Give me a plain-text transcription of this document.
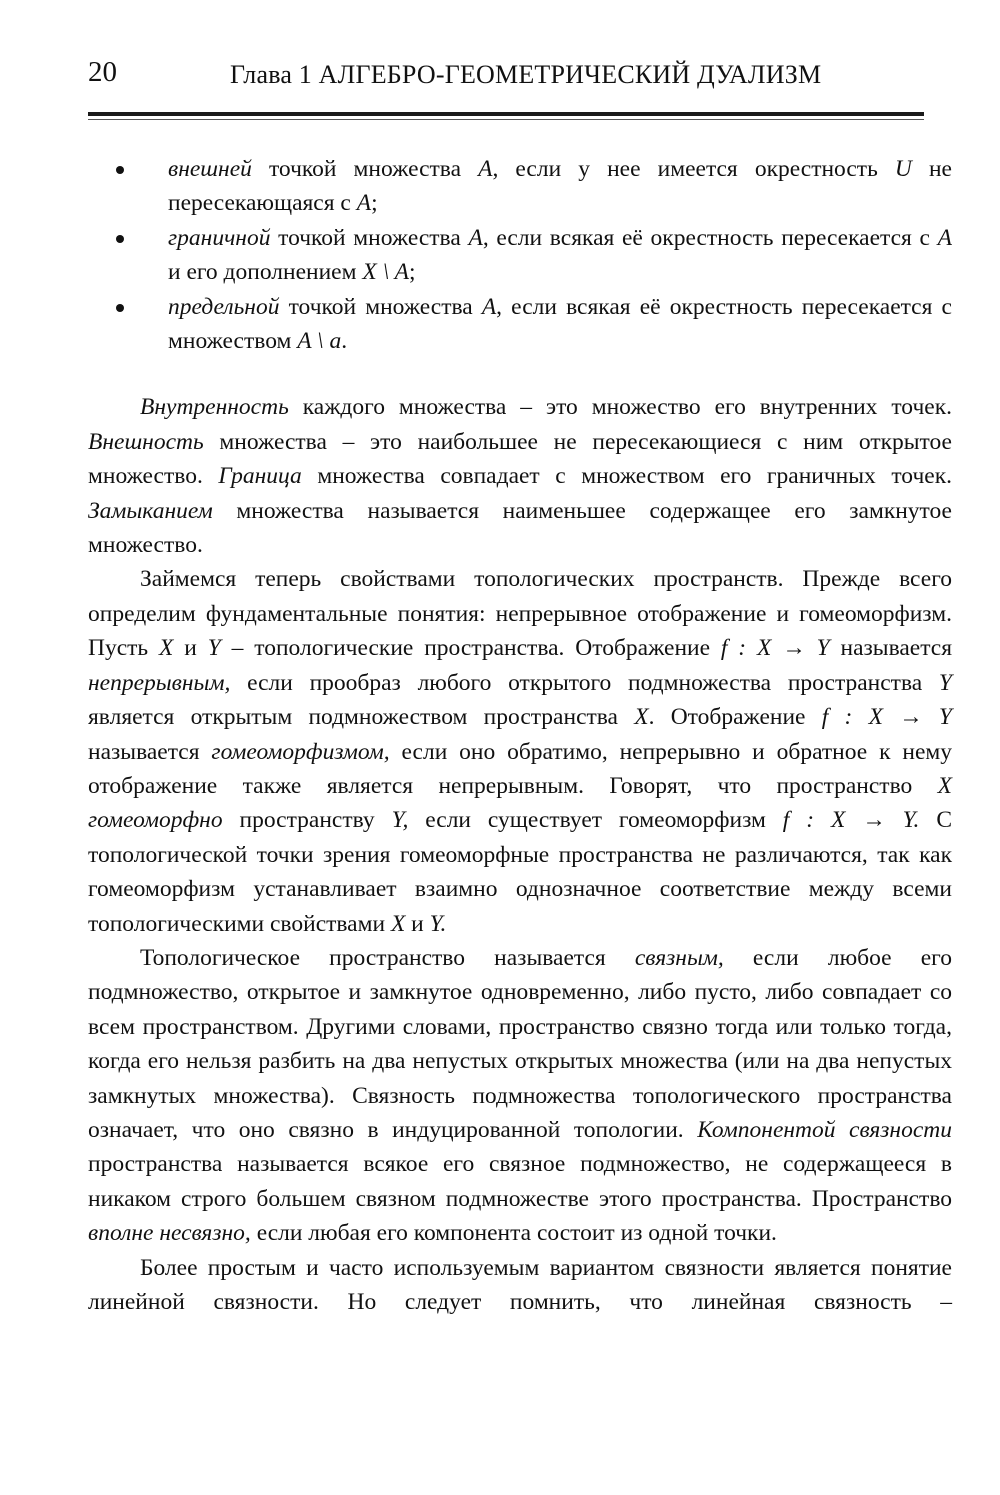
20	Глава 1 АЛГЕБРО-ГЕОМЕТРИЧЕСКИЙ ДУАЛИЗМ
внешней точкой множества A, если у нее имеется окрестность U не пересекающаяся с A;
граничной точкой множества A, если всякая её окрестность пересекается с A и его дополнением X \ A;
предельной точкой множества A, если всякая её окрестность пересекается с множеством A \ a.

Внутренность каждого множества – это множество его внутренних точек. Внешность множества – это наибольшее не пересекающиеся с ним открытое множество. Граница множества совпадает с множеством его граничных точек. Замыканием множества называется наименьшее содержащее его замкнутое множество.

Займемся теперь свойствами топологических пространств. Прежде всего определим фундаментальные понятия: непрерывное отображение и гомеоморфизм. Пусть X и Y – топологические пространства. Отображение f : X → Y называется непрерывным, если прообраз любого открытого подмножества пространства Y является открытым подмножеством пространства X. Отображение f : X → Y называется гомеоморфизмом, если оно обратимо, непрерывно и обратное к нему отображение также является непрерывным. Говорят, что пространство X гомеоморфно пространству Y, если существует гомеоморфизм f : X → Y. С топологической точки зрения гомеоморфные пространства не различаются, так как гомеоморфизм устанавливает взаимно однозначное соответствие между всеми топологическими свойствами X и Y.

Топологическое пространство называется связным, если любое его подмножество, открытое и замкнутое одновременно, либо пусто, либо совпадает со всем пространством. Другими словами, пространство связно тогда или только тогда, когда его нельзя разбить на два непустых открытых множества (или на два непустых замкнутых множества). Связность подмножества топологического пространства означает, что оно связно в индуцированной топологии. Компонентой связности пространства называется всякое его связное подмножество, не содержащееся в никаком строго большем связном подмножестве этого пространства. Пространство вполне несвязно, если любая его компонента состоит из одной точки.

Более простым и часто используемым вариантом связности является понятие линейной связности. Но следует помнить, что линейная связность –
